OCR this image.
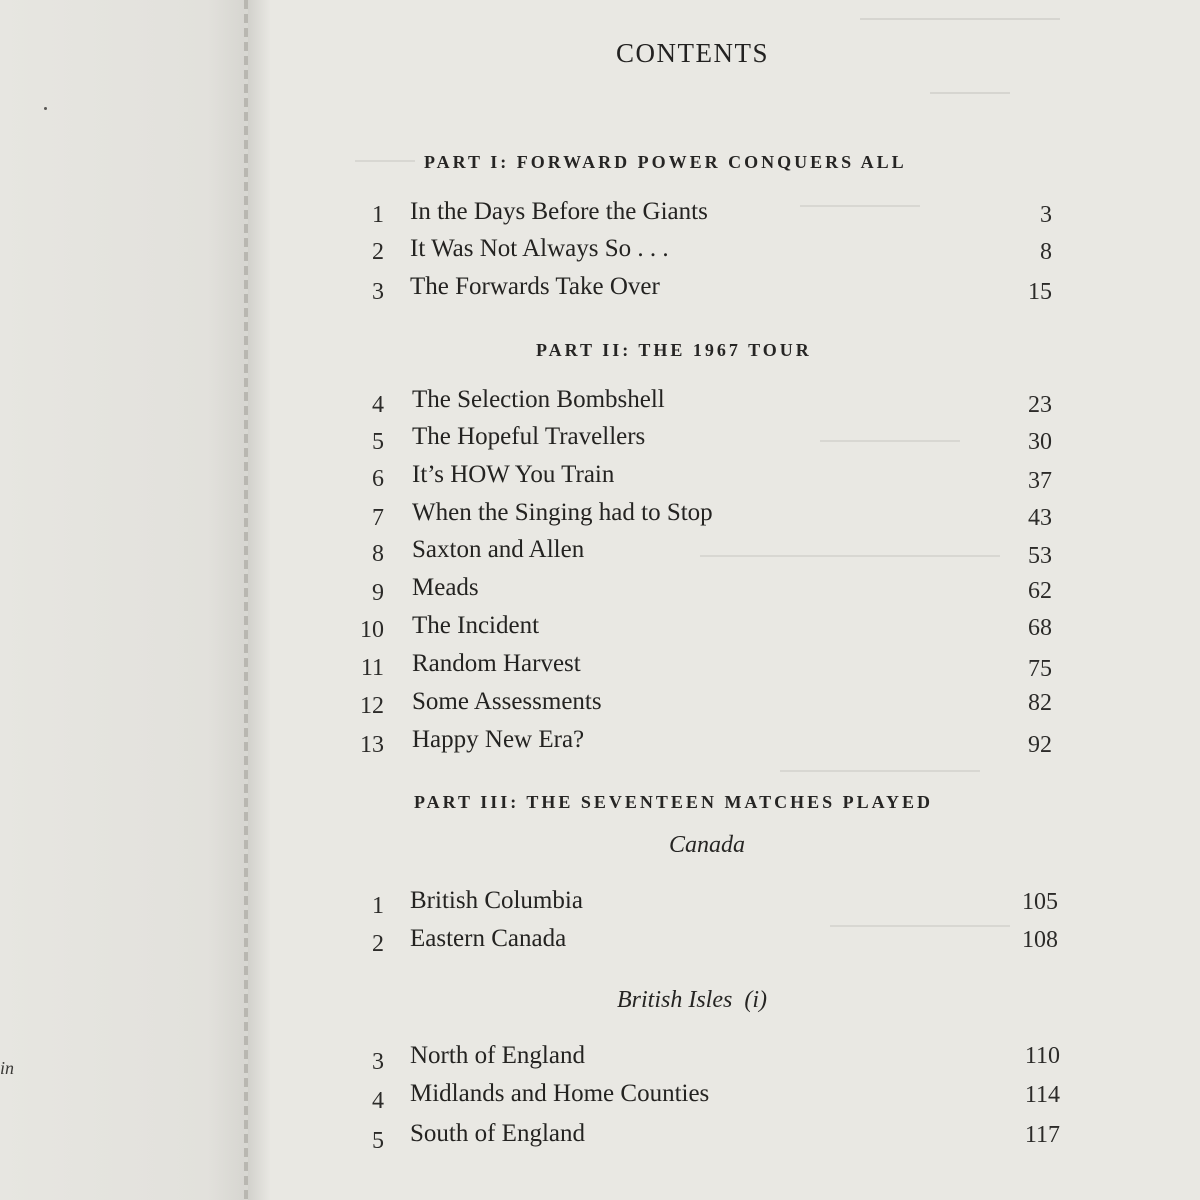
in
CONTENTS
PART I: FORWARD POWER CONQUERS ALL
1 In the Days Before the Giants	3
2 It Was Not Always So . . .	8
3 The Forwards Take Over	15
PART II: THE 1967 TOUR
4 The Selection Bombshell	23
5 The Hopeful Travellers	30
6 It’s HOW You Train	37
7 When the Singing had to Stop	43
8 Saxton and Allen	53
9 Meads	62
10 The Incident	68
11 Random Harvest	75
12 Some Assessments	82
13 Happy New Era?	92
PART III: THE SEVENTEEN MATCHES PLAYED
Canada
1 British Columbia	105
2 Eastern Canada	108
British Isles (i)
3 North of England	110
4 Midlands and Home Counties	114
5 South of England	117
